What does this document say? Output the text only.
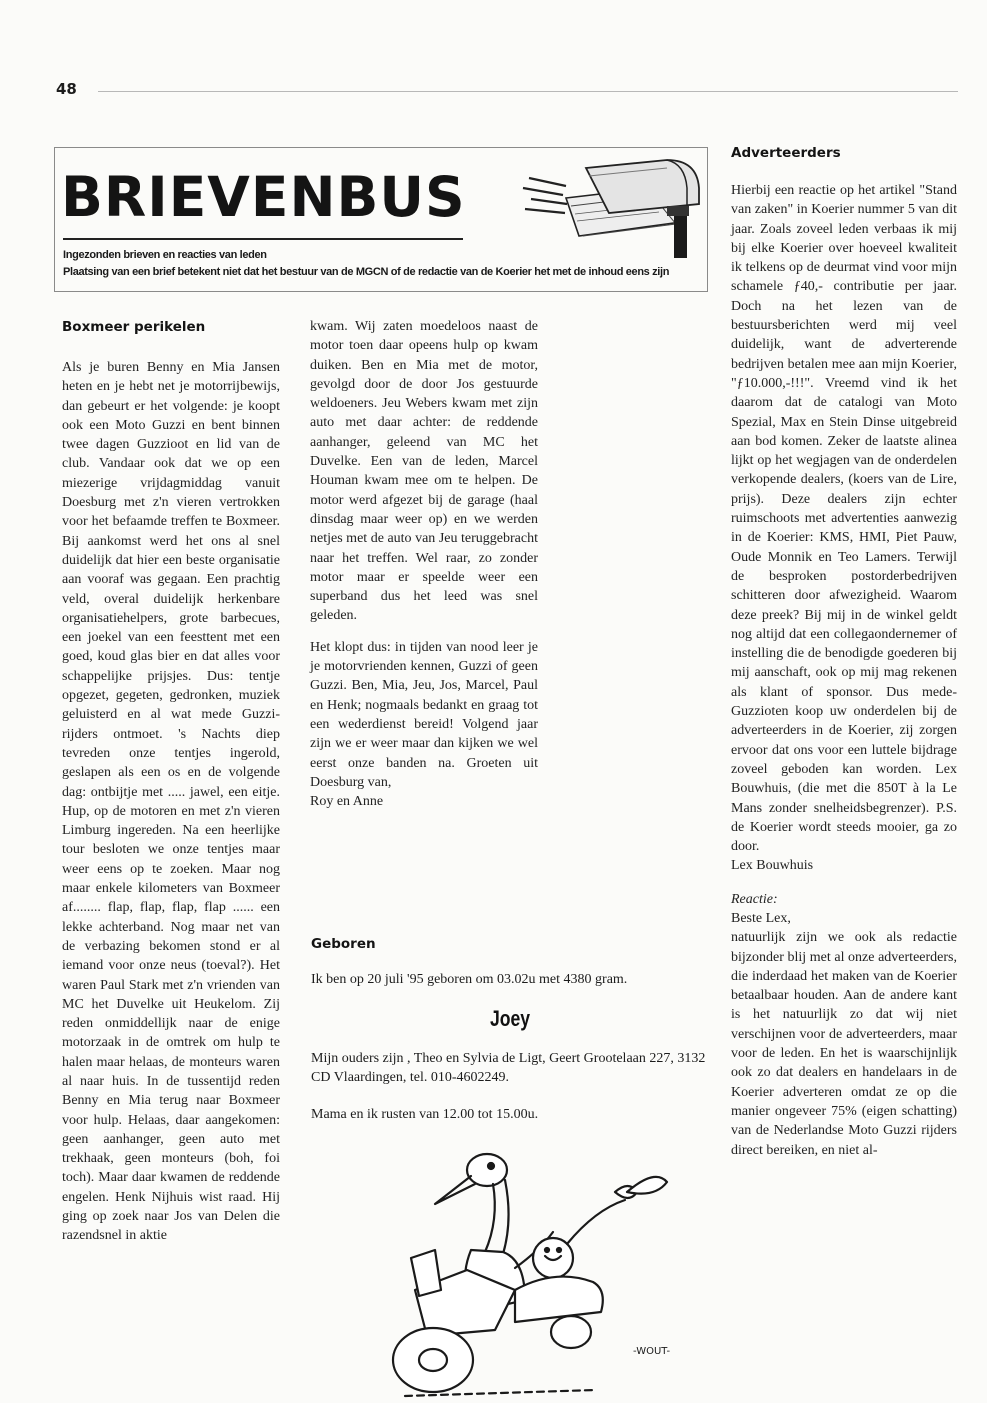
48
BRIEVENBUS
Ingezonden brieven en reacties van leden
Plaatsing van een brief betekent niet dat het bestuur van de MGCN of de redactie van de Koerier het met de inhoud eens zijn
Boxmeer perikelen

Als je buren Benny en Mia Jansen heten en je hebt net je motorrijbewijs, dan gebeurt er het volgende: je koopt ook een Moto Guzzi en bent binnen twee dagen Guzzioot en lid van de club. Vandaar ook dat we op een miezerige vrijdagmiddag vanuit Doesburg met z'n vieren vertrokken voor het befaamde treffen te Boxmeer. Bij aankomst werd het ons al snel duidelijk dat hier een beste organisatie aan vooraf was gegaan. Een prachtig veld, overal duidelijk herkenbare organisatiehelpers, grote barbecues, een joekel van een feesttent met een goed, koud glas bier en dat alles voor schappelijke prijsjes. Dus: tentje opgezet, gegeten, gedronken, muziek geluisterd en al wat mede Guzzi-rijders ontmoet. 's Nachts diep tevreden onze tentjes ingerold, geslapen als een os en de volgende dag: ontbijtje met ..... jawel, een eitje. Hup, op de motoren en met z'n vieren Limburg ingereden. Na een heerlijke tour besloten we onze tentjes maar weer eens op te zoeken. Maar nog maar enkele kilometers van Boxmeer af........ flap, flap, flap, flap ...... een lekke achterband. Nog maar net van de verbazing bekomen stond er al iemand voor onze neus (toeval?). Het waren Paul Stark met z'n vrienden van MC het Duvelke uit Heukelom. Zij reden onmiddellijk naar de enige motorzaak in de omtrek om hulp te halen maar helaas, de monteurs waren al naar huis. In de tussentijd reden Benny en Mia terug naar Boxmeer voor hulp. Helaas, daar aangekomen: geen aanhanger, geen auto met trekhaak, geen monteurs (boh, foi toch). Maar daar kwamen de reddende engelen. Henk Nijhuis wist raad. Hij ging op zoek naar Jos van Delen die razendsnel in aktie

kwam. Wij zaten moedeloos naast de motor toen daar opeens hulp op kwam duiken. Ben en Mia met de motor, gevolgd door de door Jos gestuurde weldoeners. Jeu Webers kwam met zijn auto met daar achter: de reddende aanhanger, geleend van MC het Duvelke. Een van de leden, Marcel Houman kwam mee om te helpen. De motor werd afgezet bij de garage (haal dinsdag maar weer op) en we werden netjes met de auto van Jeu teruggebracht naar het treffen. Wel raar, zo zonder motor maar er speelde weer een superband dus het leed was snel geleden.

Het klopt dus: in tijden van nood leer je je motorvrienden kennen, Guzzi of geen Guzzi. Ben, Mia, Jeu, Jos, Marcel, Paul en Henk; nogmaals bedankt en graag tot een wederdienst bereid! Volgend jaar zijn we er weer maar dan kijken we wel eerst onze banden na. Groeten uit Doesburg van,

Roy en Anne

Geboren
Ik ben op 20 juli '95 geboren om 03.02u met 4380 gram.
Joey
Mijn ouders zijn , Theo en Sylvia de Ligt, Geert Grootelaan 227, 3132 CD Vlaardingen, tel. 010-4602249.
Mama en ik rusten van 12.00 tot 15.00u.
-WOUT-
Adverteerders

Hierbij een reactie op het artikel "Stand van zaken" in Koerier nummer 5 van dit jaar. Zoals zoveel leden verbaas ik mij bij elke Koerier over hoeveel kwaliteit ik telkens op de deurmat vind voor mijn schamele ƒ40,- contributie per jaar. Doch na het lezen van de bestuursberichten werd mij veel duidelijk, want de adverterende bedrijven betalen mee aan mijn Koerier, "ƒ10.000,-!!!". Vreemd vind ik het daarom dat de catalogi van Moto Spezial, Max en Stein Dinse uitgebreid aan bod komen. Zeker de laatste alinea lijkt op het wegjagen van de onderdelen verkopende dealers, (koers van de Lire, prijs). Deze dealers zijn echter ruimschoots met advertenties aanwezig in de Koerier: KMS, HMI, Piet Pauw, Oude Monnik en Teo Lamers. Terwijl de besproken postorderbedrijven schitteren door afwezigheid. Waarom deze preek? Bij mij in de winkel geldt nog altijd dat een collegaondernemer of instelling die de benodigde goederen bij mij aanschaft, ook op mij mag rekenen als klant of sponsor. Dus mede-Guzzioten koop uw onderdelen bij de adverteerders in de Koerier, zij zorgen ervoor dat ons voor een luttele bijdrage zoveel geboden kan worden. Lex Bouwhuis, (die met die 850T à la Le Mans zonder snelheidsbegrenzer). P.S. de Koerier wordt steeds mooier, ga zo door.

Lex Bouwhuis

Reactie:

Beste Lex,

natuurlijk zijn we ook als redactie bijzonder blij met al onze adverteerders, die inderdaad het maken van de Koerier betaalbaar houden. Aan de andere kant is het natuurlijk zo dat wij niet verschijnen voor de adverteerders, maar voor de leden. En het is waarschijnlijk ook zo dat dealers en handelaars in de Koerier adverteren omdat ze op die manier ongeveer 75% (eigen schatting) van de Nederlandse Moto Guzzi rijders direct bereiken, en niet al-
